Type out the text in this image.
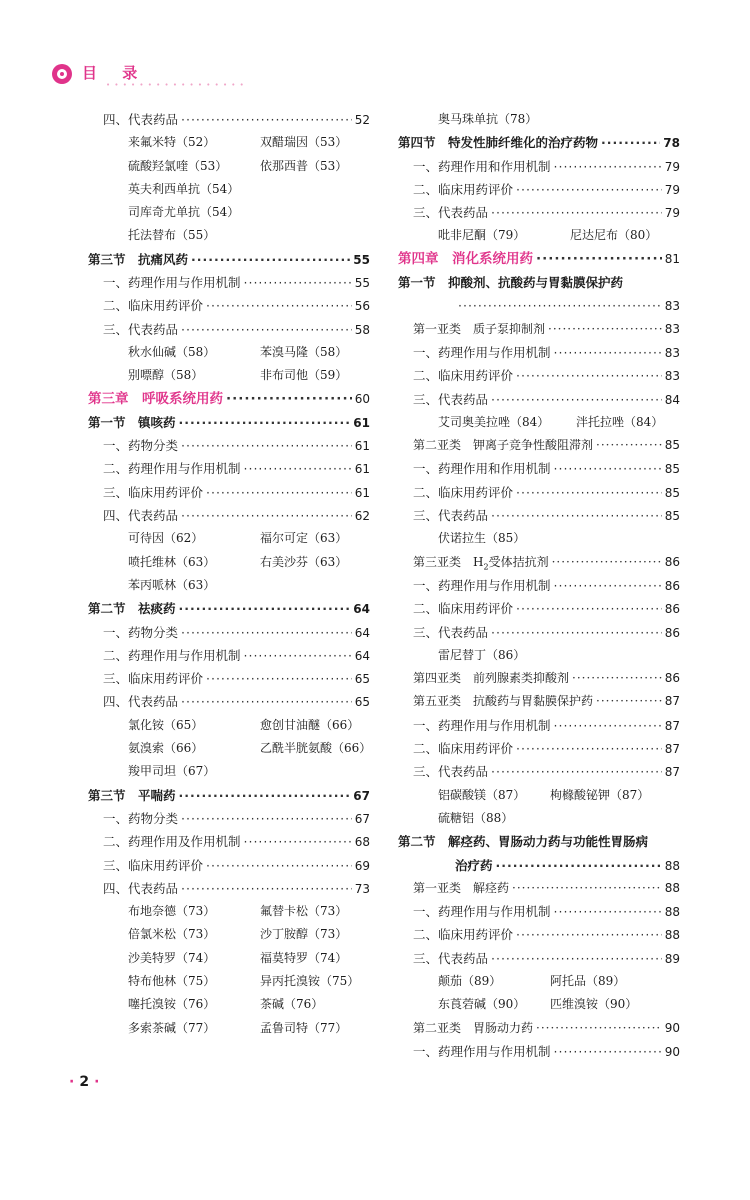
目 录
• • • • • • • • • • • • • • • • •
四、代表药品 ·····	52
来氟米特（52）	双醋瑞因（53）
硫酸羟氯喹（53）	依那西普（53）
英夫利西单抗（54）
司库奇尤单抗（54）
托法替布（55）
第三节　抗痛风药 ·····	55
一、药理作用与作用机制 ·····	55
二、临床用药评价 ·····	56
三、代表药品 ·····	58
秋水仙碱（58）	苯溴马隆（58）
别嘌醇（58）	非布司他（59）
第三章　呼吸系统用药 ·····	60
第一节　镇咳药 ·····	61
一、药物分类 ·····	61
二、药理作用与作用机制 ·····	61
三、临床用药评价 ·····	61
四、代表药品 ·····	62
可待因（62）	福尔可定（63）
喷托维林（63）	右美沙芬（63）
苯丙哌林（63）
第二节　祛痰药 ·····	64
一、药物分类 ·····	64
二、药理作用与作用机制 ·····	64
三、临床用药评价 ·····	65
四、代表药品 ·····	65
氯化铵（65）	愈创甘油醚（66）
氨溴索（66）	乙酰半胱氨酸（66）
羧甲司坦（67）
第三节　平喘药 ·····	67
一、药物分类 ·····	67
二、药理作用及作用机制 ·····	68
三、临床用药评价 ·····	69
四、代表药品 ·····	73
布地奈德（73）	氟替卡松（73）
倍氯米松（73）	沙丁胺醇（73）
沙美特罗（74）	福莫特罗（74）
特布他林（75）	异丙托溴铵（75）
噻托溴铵（76）	茶碱（76）
多索茶碱（77）	孟鲁司特（77）
奥马珠单抗（78）
第四节　特发性肺纤维化的治疗药物 ·····	78
一、药理作用和作用机制 ·····	79
二、临床用药评价 ·····	79
三、代表药品 ·····	79
吡非尼酮（79）	尼达尼布（80）
第四章　消化系统用药 ·····	81
第一节　抑酸剂、抗酸药与胃黏膜保护药
·····
83
第一亚类　质子泵抑制剂 ·····	83
一、药理作用与作用机制 ·····	83
二、临床用药评价 ·····	83
三、代表药品 ·····	84
艾司奥美拉唑（84） 泮托拉唑（84）
第二亚类　钾离子竞争性酸阻滞剂 ·····	85
一、药理作用和作用机制 ·····	85
二、临床用药评价 ·····	85
三、代表药品 ·····	85
伏诺拉生（85）
第三亚类　$H_2$受体拮抗剂 ·····	86
一、药理作用与作用机制 ·····	86
二、临床用药评价 ·····	86
三、代表药品 ·····	86
雷尼替丁（86）
第四亚类　前列腺素类抑酸剂 ·····	86
第五亚类　抗酸药与胃黏膜保护药 ·····	87
一、药理作用与作用机制 ·····	87
二、临床用药评价 ·····	87
三、代表药品 ·····	87
铝碳酸镁（87） 枸橼酸铋钾（87）
硫糖铝（88）
第二节　解痉药、胃肠动力药与功能性胃肠病
治疗药 ·····	88
第一亚类　解痉药 ·····	88
一、药理作用与作用机制 ·····	88
二、临床用药评价 ·····	88
三、代表药品 ·····	89
颠茄（89）	阿托品（89）
东莨菪碱（90） 匹维溴铵（90）
第二亚类　胃肠动力药 ·····	90
一、药理作用与作用机制 ·····	90
· 2 ·
